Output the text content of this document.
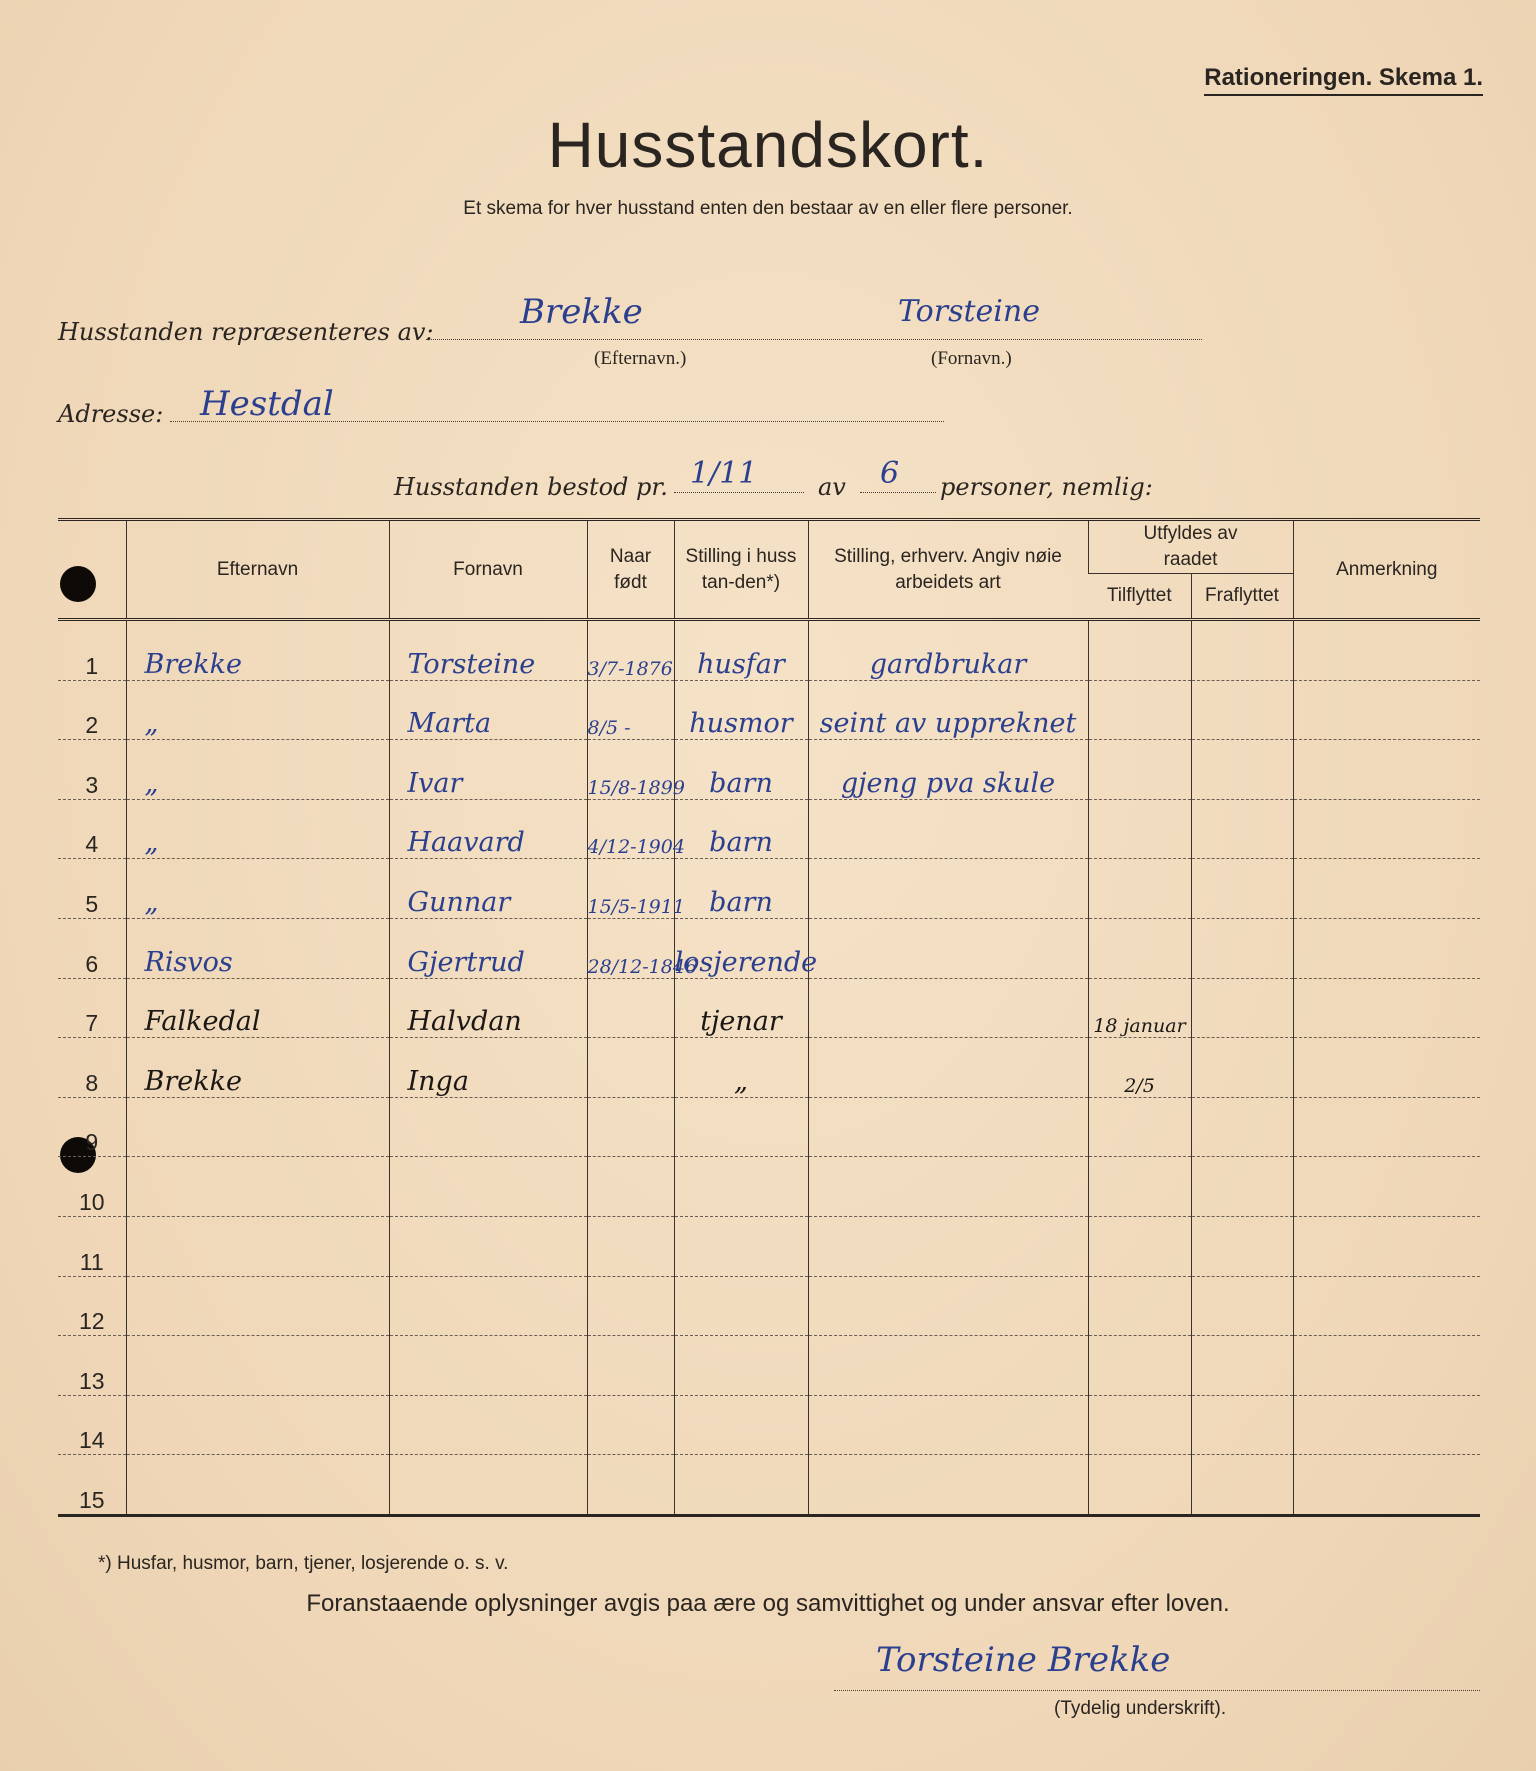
Rationeringen. Skema 1.
Husstandskort.
Et skema for hver husstand enten den bestaar av en eller flere personer.
Husstanden repræsenteres av:	Brekke	Torsteine
(Efternavn.)	(Fornavn.)
Adresse: Hestdal
Husstanden bestod pr. 1/11	av 6 personer, nemlig:
	Efternavn	Fornavn	Naar født	Stilling i husstan-den*)	Stilling, erhverv. Angiv nøie arbeidets art	Utfyldes av raadet		Anmerkning
						Tilflyttet	Fraflyttet	
1	Brekke	Torsteine	3/7-1876	husfar	gardbrukar			
2	„	Marta	8/5 -	husmor	seint av uppreknet			
3	„	Ivar	15/8-1899	barn	gjeng pva skule			
4	„	Haavard	4/12-1904	barn				
5	„	Gunnar	15/5-1911	barn				
6	Risvos	Gjertrud	28/12-1846	losjerende				
7	Falkedal	Halvdan		tjenar		18 januar		
8	Brekke	Inga		„		2/5		
9								
10								
11								
12								
13								
14								
15								
*) Husfar, husmor, barn, tjener, losjerende o. s. v.
Foranstaaende oplysninger avgis paa ære og samvittighet og under ansvar efter loven.
Torsteine Brekke
(Tydelig underskrift).
